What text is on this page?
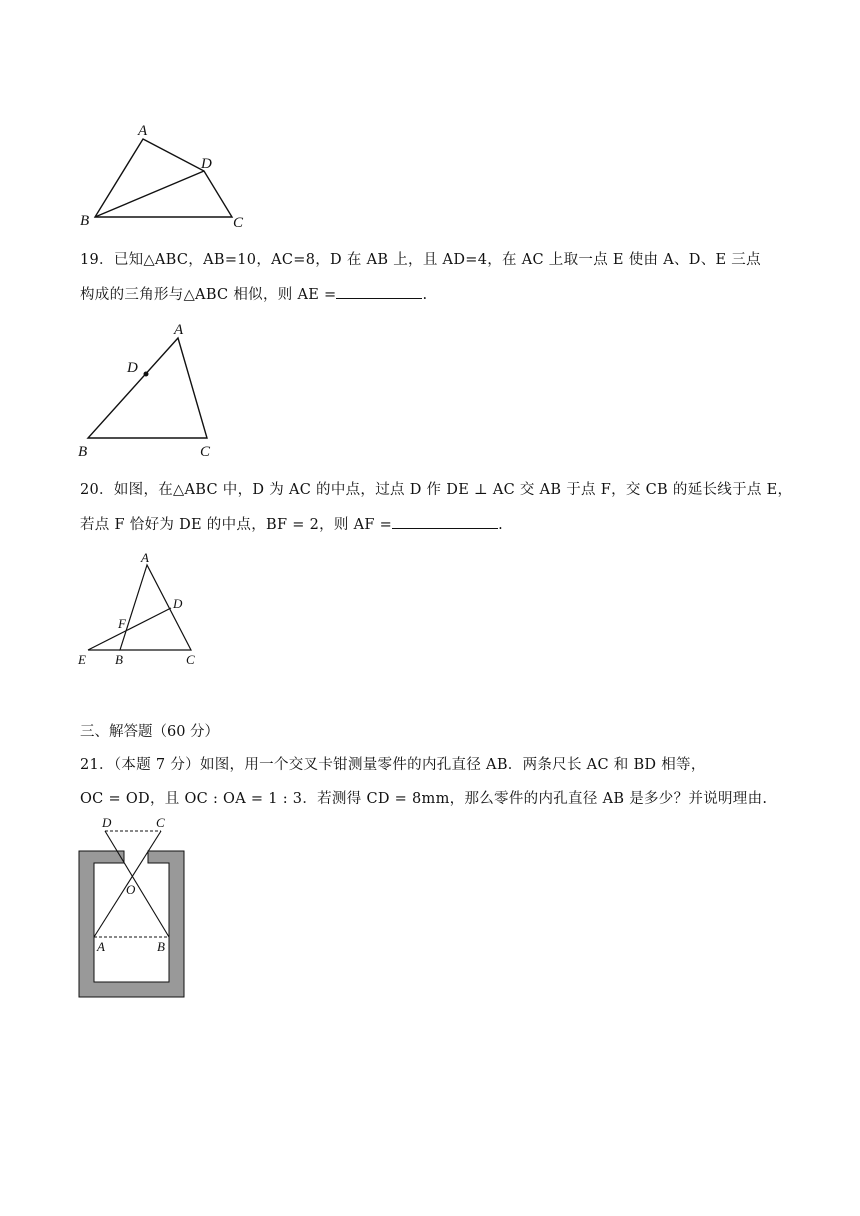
A
D
B	C
19．已知△ABC，AB=10，AC=8，D 在 AB 上，且 AD=4，在 AC 上取一点 E 使由 A、D、E 三点
构成的三角形与△ABC 相似，则 AE =	.
A
D
B	C
20．如图，在△ABC 中，D 为 AC 的中点，过点 D 作 DE ⊥ AC 交 AB 于点 F，交 CB 的延长线于点 E，
若点 F 恰好为 DE 的中点，BF = 2，则 AF =	.
A
D
F
E B	C
三、解答题（60 分）
21．（本题 7 分）如图，用一个交叉卡钳测量零件的内孔直径 AB．两条尺长 AC 和 BD 相等，
OC = OD，且 OC : OA = 1 : 3．若测得 CD = 8mm，那么零件的内孔直径 AB 是多少？并说明理由.
D	C
O
A	B
